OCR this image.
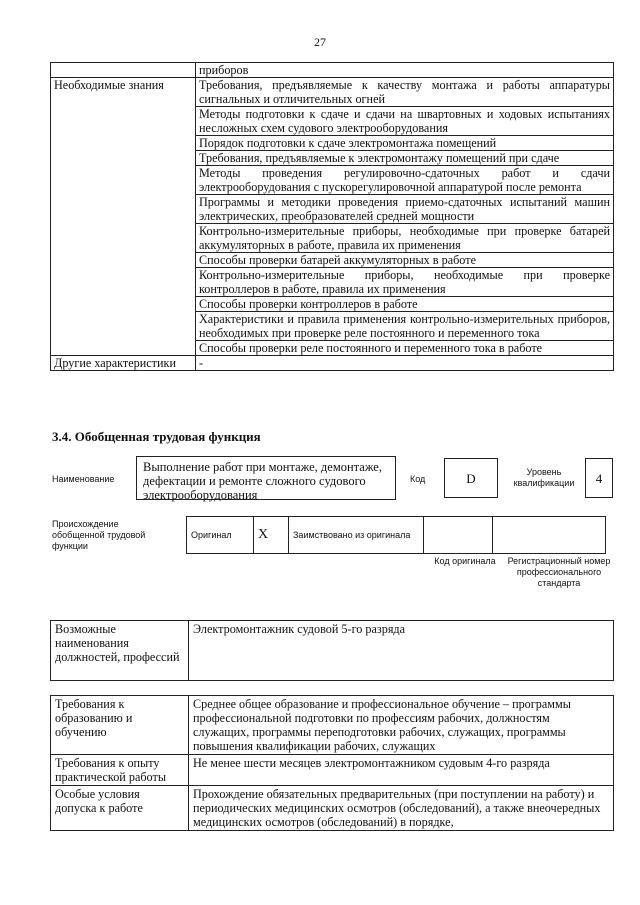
27
	приборов
Необходимые знания	Требования, предъявляемые к качеству монтажа и работы аппаратуры сигнальных и отличительных огней
	Методы подготовки к сдаче и сдачи на швартовных и ходовых испытаниях несложных схем судового электрооборудования
	Порядок подготовки к сдаче электромонтажа помещений
	Требования, предъявляемые к электромонтажу помещений при сдаче
	Методы проведения регулировочно-сдаточных работ и сдачи электрооборудования с пускорегулировочной аппаратурой после ремонта
	Программы и методики проведения приемо-сдаточных испытаний машин электрических, преобразователей средней мощности
	Контрольно-измерительные приборы, необходимые при проверке батарей аккумуляторных в работе, правила их применения
	Способы проверки батарей аккумуляторных в работе
	Контрольно-измерительные приборы, необходимые при проверке контроллеров в работе, правила их применения
	Способы проверки контроллеров в работе
	Характеристики и правила применения контрольно-измерительных приборов, необходимых при проверке реле постоянного и переменного тока
	Способы проверки реле постоянного и переменного тока в работе
Другие характеристики	-
3.4. Обобщенная трудовая функция
Наименование
Выполнение работ при монтаже, демонтаже, дефектации и ремонте сложного судового электрооборудования
Код	D	Уровень квалификации	4
Происхождение обобщенной трудовой функции
Оригинал	X	Заимствовано из оригинала		
Код оригинала	Регистрационный номер профессионального стандарта
Возможные наименования должностей, профессий	Электромонтажник судовой 5-го разряда
Требования к образованию и обучению	Среднее общее образование и профессиональное обучение – программы профессиональной подготовки по профессиям рабочих, должностям служащих, программы переподготовки рабочих, служащих, программы повышения квалификации рабочих, служащих
Требования к опыту практической работы	Не менее шести месяцев электромонтажником судовым 4-го разряда
Особые условия допуска к работе	Прохождение обязательных предварительных (при поступлении на работу) и периодических медицинских осмотров (обследований), а также внеочередных медицинских осмотров (обследований) в порядке,
